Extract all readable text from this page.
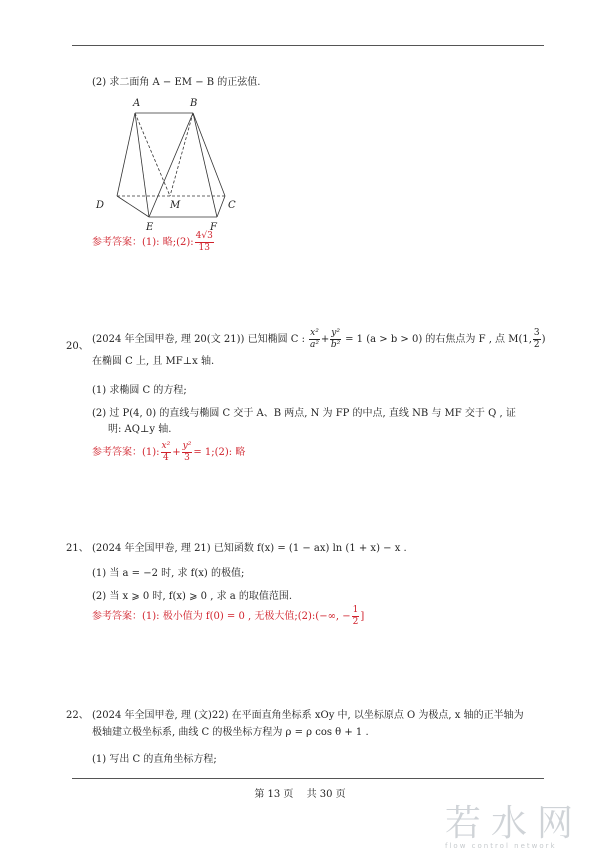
(2) 求二面角 A − EM − B 的正弦值.
A	B
D	M	C
E	F
参考答案：(1): 略;(2): $\frac{4√3}{13}$
20、
(2024 年全国甲卷, 理 20(文 21)) 已知椭圆 C : $\frac{\text{x²}}{\text{a²}} + \frac{\text{y²}}{\text{b²}} = 1$ (a > b > 0) 的右焦点为 F , 点 M(1, $\frac{3}{2}$ )
在椭圆 C 上, 且 MF⊥x 轴.
(1) 求椭圆 C 的方程;
(2) 过 P(4, 0) 的直线与椭圆 C 交于 A、B 两点, N 为 FP 的中点, 直线 NB 与 MF 交于 Q , 证
明: AQ⊥y 轴.
参考答案：(1): $\frac{\text{x²}}{4} + \frac{\text{y²}}{3}$ = 1;(2): 略
21、 (2024 年全国甲卷, 理 21) 已知函数 f(x) = (1 − ax) ln (1 + x) − x .
(1) 当 a = −2 时, 求 f(x) 的极值;
(2) 当 x ⩾ 0 时, f(x) ⩾ 0 , 求 a 的取值范围.
参考答案：(1): 极小值为 f(0) = 0 , 无极大值;(2):(−∞, − $\frac{1}{2}$ ]
22、 (2024 年全国甲卷, 理 (文)22) 在平面直角坐标系 xOy 中, 以坐标原点 O 为极点, x 轴的正半轴为
极轴建立极坐标系, 曲线 C 的极坐标方程为 ρ = ρ cos θ + 1 .
(1) 写出 C 的直角坐标方程;
第 13 页　 共 30 页
若水网
flow control network
